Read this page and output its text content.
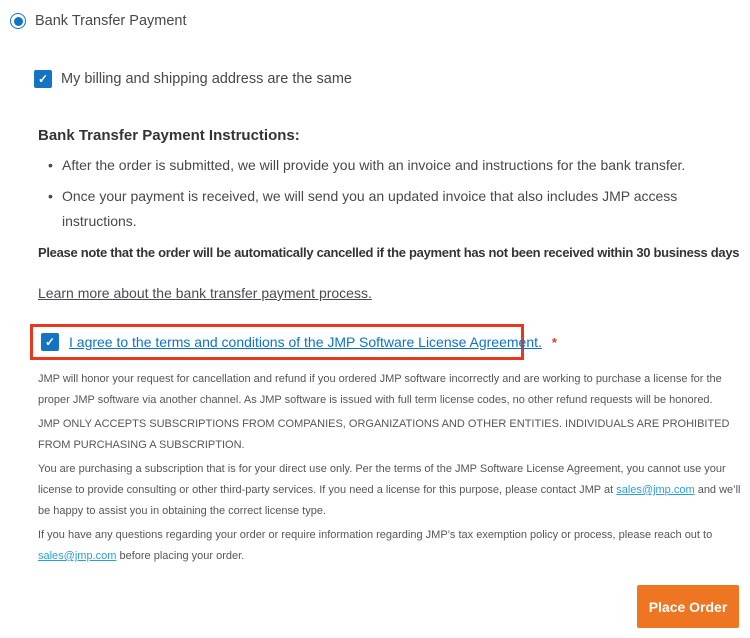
Bank Transfer Payment
✓ My billing and shipping address are the same
Bank Transfer Payment Instructions:
• After the order is submitted, we will provide you with an invoice and instructions for the bank transfer.
• Once your payment is received, we will send you an updated invoice that also includes JMP access instructions.
Please note that the order will be automatically cancelled if the payment has not been received within 30 business days
Learn more about the bank transfer payment process.
✓ I agree to the terms and conditions of the JMP Software License Agreement. *

JMP will honor your request for cancellation and refund if you ordered JMP software incorrectly and are working to purchase a license for the proper JMP software via another channel. As JMP software is issued with full term license codes, no other refund requests will be honored.

JMP ONLY ACCEPTS SUBSCRIPTIONS FROM COMPANIES, ORGANIZATIONS AND OTHER ENTITIES. INDIVIDUALS ARE PROHIBITED FROM PURCHASING A SUBSCRIPTION.

You are purchasing a subscription that is for your direct use only. Per the terms of the JMP Software License Agreement, you cannot use your license to provide consulting or other third-party services. If you need a license for this purpose, please contact JMP at sales@jmp.com and we’ll be happy to assist you in obtaining the correct license type.

If you have any questions regarding your order or require information regarding JMP’s tax exemption policy or process, please reach out to sales@jmp.com before placing your order.

Place Order
